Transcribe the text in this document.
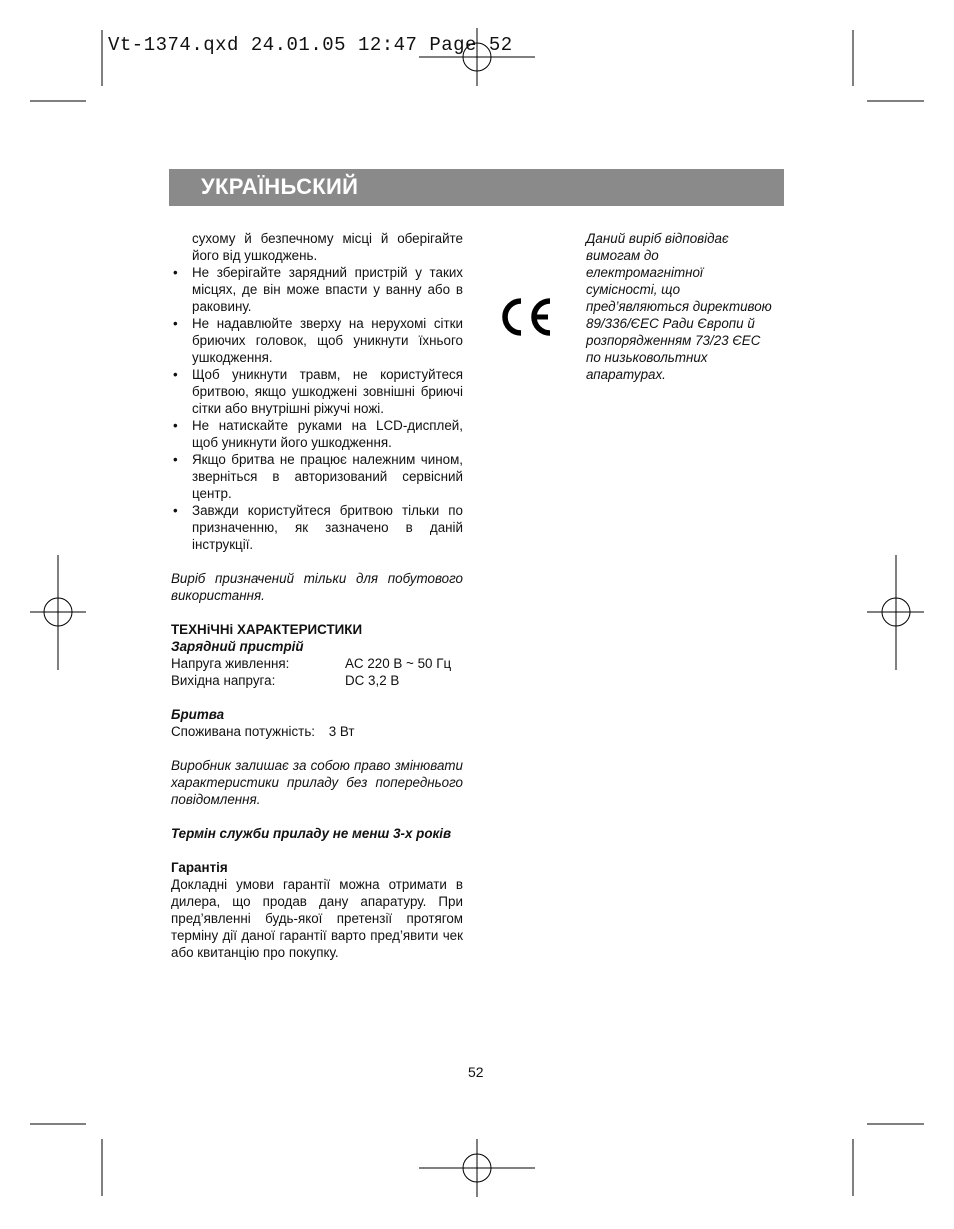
Vt-1374.qxd 24.01.05 12:47 Page 52
УКРАЇНЬСКИЙ

сухому й безпечному місці й оберігайте його від ушкоджень.

• Не зберігайте зарядний пристрій у таких місцях, де він може впасти у ванну або в раковину.
• Не надавлюйте зверху на нерухомі сітки бриючих головок, щоб уникнути їхнього ушкодження.
• Щоб уникнути травм, не користуйтеся бритвою, якщо ушкоджені зовнішні бриючі сітки або внутрішні ріжучі ножі.
• Не натискайте руками на LCD-дисплей, щоб уникнути його ушкодження.
• Якщо бритва не працює належним чином, зверніться в авторизований сервісний центр.
• Завжди користуйтеся бритвою тільки по призначенню, як зазначено в даній інструкції.

Виріб призначений тільки для побутового використання.

ТЕХНіЧНі ХАРАКТЕРИСТИКИ
Зарядний пристрій
Напруга живлення:	AC 220 В ~ 50 Гц
Вихідна напруга:	DC 3,2 В
Бритва
Споживана потужність: 3 Вт

Виробник залишає за собою право змінювати характеристики приладу без попереднього повідомлення.

Термін служби приладу не менш 3-х років

Гарантія

Докладні умови гарантії можна отримати в дилера, що продав дану апаратуру. При пред’явленні будь-якої претензії протягом терміну дії даної гарантії варто пред’явити чек або квитанцію про покупку.

Даний виріб відповідає вимогам до електромагнітної сумісності, що пред’являються директивою 89/336/ЄЕС Ради Європи й розпорядженням 73/23 ЄЕС по низьковольтних апаратурах.
52
